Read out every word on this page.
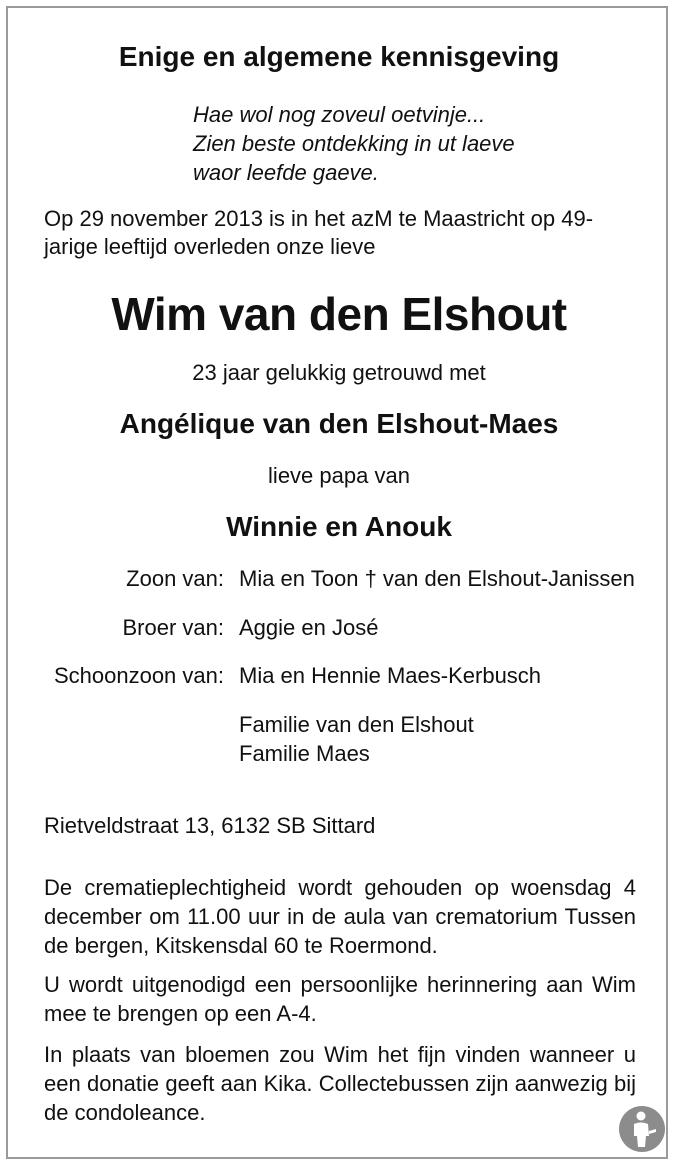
Enige en algemene kennisgeving
Hae wol nog zoveul oetvinje...
Zien beste ontdekking in ut laeve
waor leefde gaeve.
Op 29 november 2013 is in het azM te Maastricht op 49-jarige leeftijd overleden onze lieve
Wim van den Elshout
23 jaar gelukkig getrouwd met
Angélique van den Elshout-Maes
lieve papa van
Winnie en Anouk
Zoon van: Mia en Toon † van den Elshout-Janissen
Broer van: Aggie en José
Schoonzoon van: Mia en Hennie Maes-Kerbusch
Familie van den Elshout
Familie Maes
Rietveldstraat 13, 6132 SB Sittard
De crematieplechtigheid wordt gehouden op woensdag 4 december om 11.00 uur in de aula van crematorium Tussen de bergen, Kitskensdal 60 te Roermond.
U wordt uitgenodigd een persoonlijke herinnering aan Wim mee te brengen op een A-4.
In plaats van bloemen zou Wim het fijn vinden wanneer u een donatie geeft aan Kika. Collectebussen zijn aanwezig bij de condoleance.
